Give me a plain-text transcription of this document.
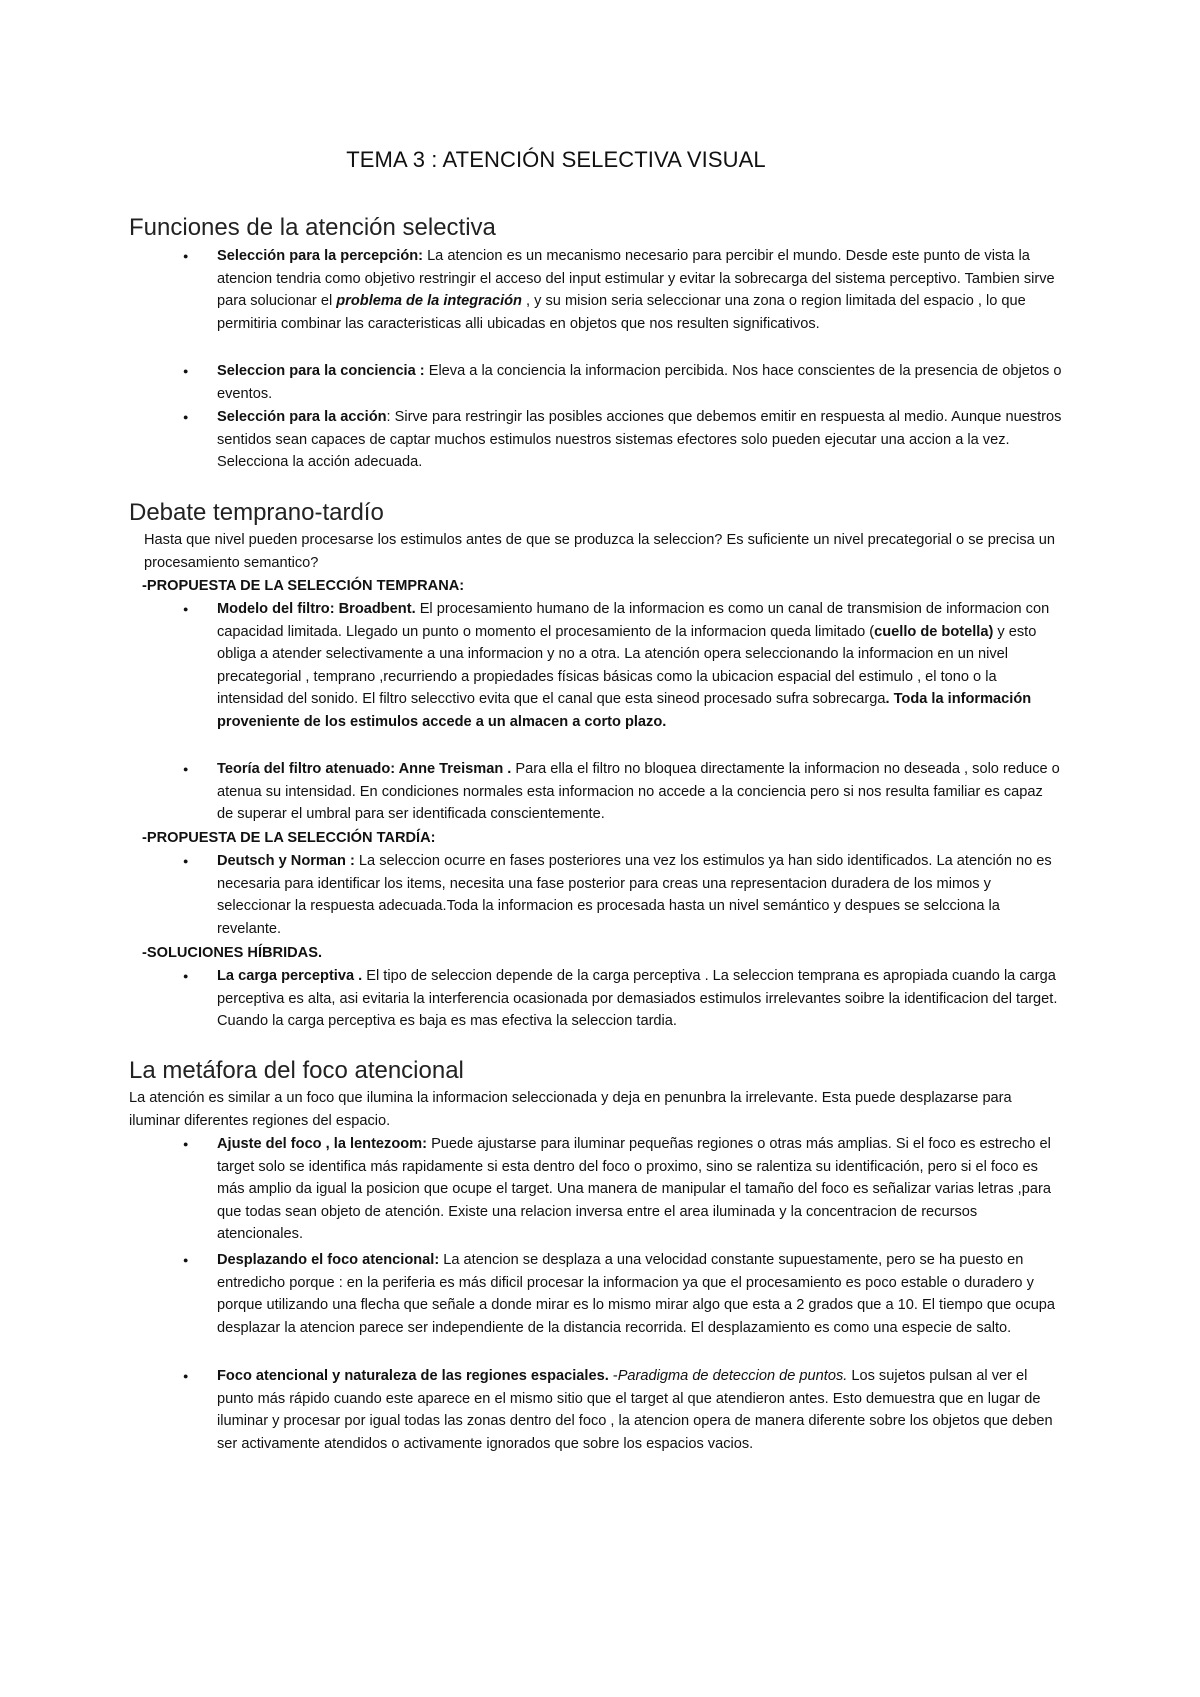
TEMA 3 : ATENCIÓN SELECTIVA VISUAL
Funciones de la atención selectiva
● Selección para la percepción: La atencion es un mecanismo necesario para percibir el mundo. Desde este punto de vista la atencion tendria como objetivo restringir el acceso del input estimular y evitar la sobrecarga del sistema perceptivo. Tambien sirve para solucionar el problema de la integración , y su mision seria seleccionar una zona o region limitada del espacio , lo que permitiria combinar las caracteristicas alli ubicadas en objetos que nos resulten significativos.
● Seleccion para la conciencia : Eleva a la conciencia la informacion percibida. Nos hace conscientes de la presencia de objetos o eventos.
● Selección para la acción: Sirve para restringir las posibles acciones que debemos emitir en respuesta al medio. Aunque nuestros sentidos sean capaces de captar muchos estimulos nuestros sistemas efectores solo pueden ejecutar una accion a la vez. Selecciona la acción adecuada.
Debate temprano-tardío
Hasta que nivel pueden procesarse los estimulos antes de que se produzca la seleccion? Es suficiente un nivel precategorial o se precisa un procesamiento semantico?
-PROPUESTA DE LA SELECCIÓN TEMPRANA:
● Modelo del filtro: Broadbent. El procesamiento humano de la informacion es como un canal de transmision de informacion con capacidad limitada. Llegado un punto o momento el procesamiento de la informacion queda limitado (cuello de botella) y esto obliga a atender selectivamente a una informacion y no a otra. La atención opera seleccionando la informacion en un nivel precategorial , temprano ,recurriendo a propiedades físicas básicas como la ubicacion espacial del estimulo , el tono o la intensidad del sonido. El filtro selecctivo evita que el canal que esta sineod procesado sufra sobrecarga. Toda la información proveniente de los estimulos accede a un almacen a corto plazo.
● Teoría del filtro atenuado: Anne Treisman . Para ella el filtro no bloquea directamente la informacion no deseada , solo reduce o atenua su intensidad. En condiciones normales esta informacion no accede a la conciencia pero si nos resulta familiar es capaz de superar el umbral para ser identificada conscientemente.
-PROPUESTA DE LA SELECCIÓN TARDÍA:
● Deutsch y Norman : La seleccion ocurre en fases posteriores una vez los estimulos ya han sido identificados. La atención no es necesaria para identificar los items, necesita una fase posterior para creas una representacion duradera de los mimos y seleccionar la respuesta adecuada.Toda la informacion es procesada hasta un nivel semántico y despues se selcciona la revelante.
-SOLUCIONES HÍBRIDAS.
● La carga perceptiva . El tipo de seleccion depende de la carga perceptiva . La seleccion temprana es apropiada cuando la carga perceptiva es alta, asi evitaria la interferencia ocasionada por demasiados estimulos irrelevantes soibre la identificacion del target. Cuando la carga perceptiva es baja es mas efectiva la seleccion tardia.
La metáfora del foco atencional
La atención es similar a un foco que ilumina la informacion seleccionada y deja en penunbra la irrelevante. Esta puede desplazarse para iluminar diferentes regiones del espacio.
● Ajuste del foco , la lentezoom: Puede ajustarse para iluminar pequeñas regiones o otras más amplias. Si el foco es estrecho el target solo se identifica más rapidamente si esta dentro del foco o proximo, sino se ralentiza su identificación, pero si el foco es más amplio da igual la posicion que ocupe el target. Una manera de manipular el tamaño del foco es señalizar varias letras ,para que todas sean objeto de atención. Existe una relacion inversa entre el area iluminada y la concentracion de recursos atencionales.
● Desplazando el foco atencional: La atencion se desplaza a una velocidad constante supuestamente, pero se ha puesto en entredicho porque : en la periferia es más dificil procesar la informacion ya que el procesamiento es poco estable o duradero y porque utilizando una flecha que señale a donde mirar es lo mismo mirar algo que esta a 2 grados que a 10. El tiempo que ocupa desplazar la atencion parece ser independiente de la distancia recorrida. El desplazamiento es como una especie de salto.
● Foco atencional y naturaleza de las regiones espaciales. -Paradigma de deteccion de puntos. Los sujetos pulsan al ver el punto más rápido cuando este aparece en el mismo sitio que el target al que atendieron antes. Esto demuestra que en lugar de iluminar y procesar por igual todas las zonas dentro del foco , la atencion opera de manera diferente sobre los objetos que deben ser activamente atendidos o activamente ignorados que sobre los espacios vacios.
